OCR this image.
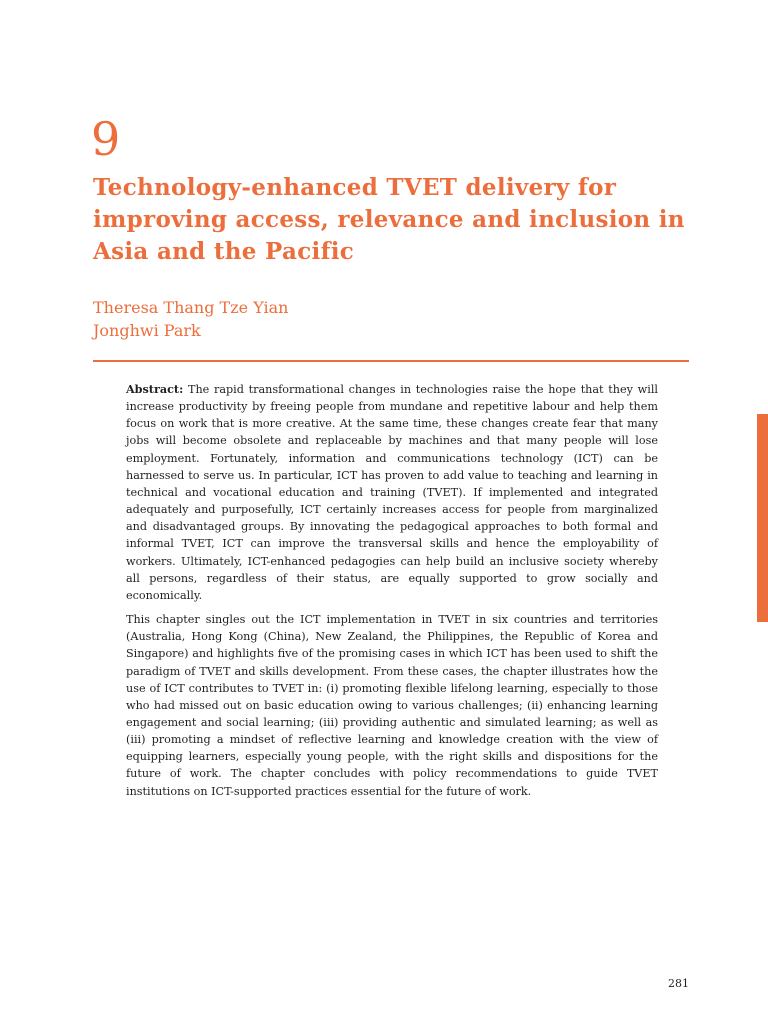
9
Technology-enhanced TVET delivery for improving access, relevance and inclusion in Asia and the Pacific
Theresa Thang Tze Yian
Jonghwi Park

Abstract: The rapid transformational changes in technologies raise the hope that they will increase productivity by freeing people from mundane and repetitive labour and help them focus on work that is more creative. At the same time, these changes create fear that many jobs will become obsolete and replaceable by machines and that many people will lose employment. Fortunately, information and communications technology (ICT) can be harnessed to serve us. In particular, ICT has proven to add value to teaching and learning in technical and vocational education and training (TVET). If implemented and integrated adequately and purposefully, ICT certainly increases access for people from marginalized and disadvantaged groups. By innovating the pedagogical approaches to both formal and informal TVET, ICT can improve the transversal skills and hence the employability of workers. Ultimately, ICT-enhanced pedagogies can help build an inclusive society whereby all persons, regardless of their status, are equally supported to grow socially and economically.

This chapter singles out the ICT implementation in TVET in six countries and territories (Australia, Hong Kong (China), New Zealand, the Philippines, the Republic of Korea and Singapore) and highlights five of the promising cases in which ICT has been used to shift the paradigm of TVET and skills development. From these cases, the chapter illustrates how the use of ICT contributes to TVET in: (i) promoting flexible lifelong learning, especially to those who had missed out on basic education owing to various challenges; (ii) enhancing learning engagement and social learning; (iii) providing authentic and simulated learning; as well as (iii) promoting a mindset of reflective learning and knowledge creation with the view of equipping learners, especially young people, with the right skills and dispositions for the future of work. The chapter concludes with policy recommendations to guide TVET institutions on ICT-supported practices essential for the future of work.

281
